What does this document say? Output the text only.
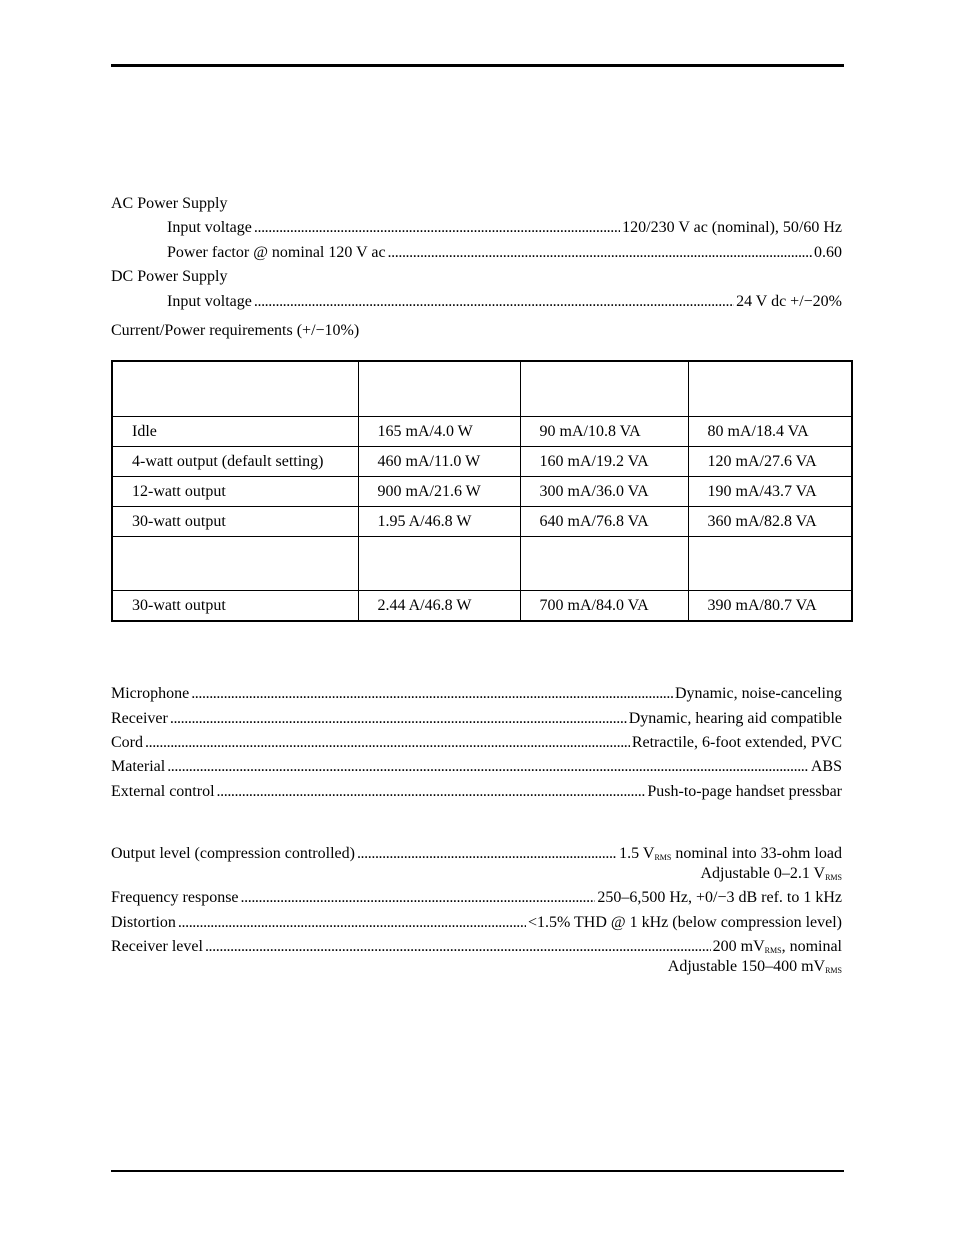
AC Power Supply
Input voltage . . .	120/230 V ac (nominal), 50/60 Hz
Power factor @ nominal 120 V ac . . .	0.60
DC Power Supply
Input voltage . . .	24 V dc +/−20%
Current/Power requirements (+/−10%)

Idle	165 mA/4.0 W	90 mA/10.8 VA	80 mA/18.4 VA
4-watt output (default setting)	460 mA/11.0 W	160 mA/19.2 VA	120 mA/27.6 VA
12-watt output	900 mA/21.6 W	300 mA/36.0 VA	190 mA/43.7 VA
30-watt output	1.95 A/46.8 W	640 mA/76.8 VA	360 mA/82.8 VA

30-watt output	2.44 A/46.8 W	700 mA/84.0 VA	390 mA/80.7 VA
Microphone . . .	Dynamic, noise-canceling
Receiver . . .	Dynamic, hearing aid compatible
Cord . . .	Retractile, 6-foot extended, PVC
Material . . .	ABS
External control . . .	Push-to-page handset pressbar
Output level (compression controlled) . . .	1.5 $V_{RMS}$ nominal into 33-ohm load
Adjustable 0–2.1 $V_{RMS}$
Frequency response . . .	250–6,500 Hz, +0/−3 dB ref. to 1 kHz
Distortion . . .	<1.5% THD @ 1 kHz (below compression level)
Receiver level . . .	200 $mV_{RMS}$, nominal
Adjustable 150–400 $mV_{RMS}$
